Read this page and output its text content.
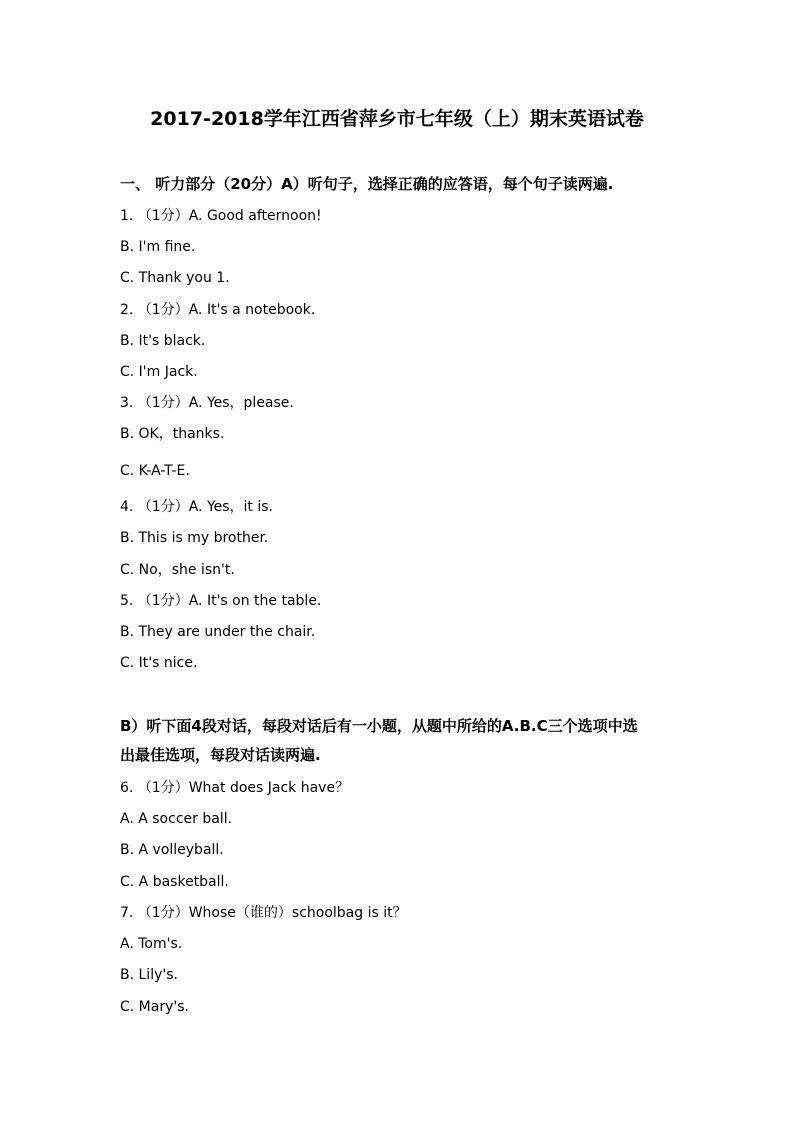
2017-2018学年江西省萍乡市七年级（上）期末英语试卷
一、 听力部分（20分）A）听句子，选择正确的应答语，每个句子读两遍.
1. （1分）A. Good afternoon!
B. I'm fine.
C. Thank you 1.
2. （1分）A. It's a notebook.
B. It's black.
C. I'm Jack.
3. （1分）A. Yes，please.
B. OK，thanks.
C. K-A-T-E.
4. （1分）A. Yes，it is.
B. This is my brother.
C. No，she isn't.
5. （1分）A. It's on the table.
B. They are under the chair.
C. It's nice.
B）听下面4段对话，每段对话后有一小题，从题中所给的A.B.C三个选项中选
出最佳选项，每段对话读两遍.
6. （1分）What does Jack have？
A. A soccer ball.
B. A volleyball.
C. A basketball.
7. （1分）Whose（谁的）schoolbag is it？
A. Tom's.
B. Lily's.
C. Mary's.
